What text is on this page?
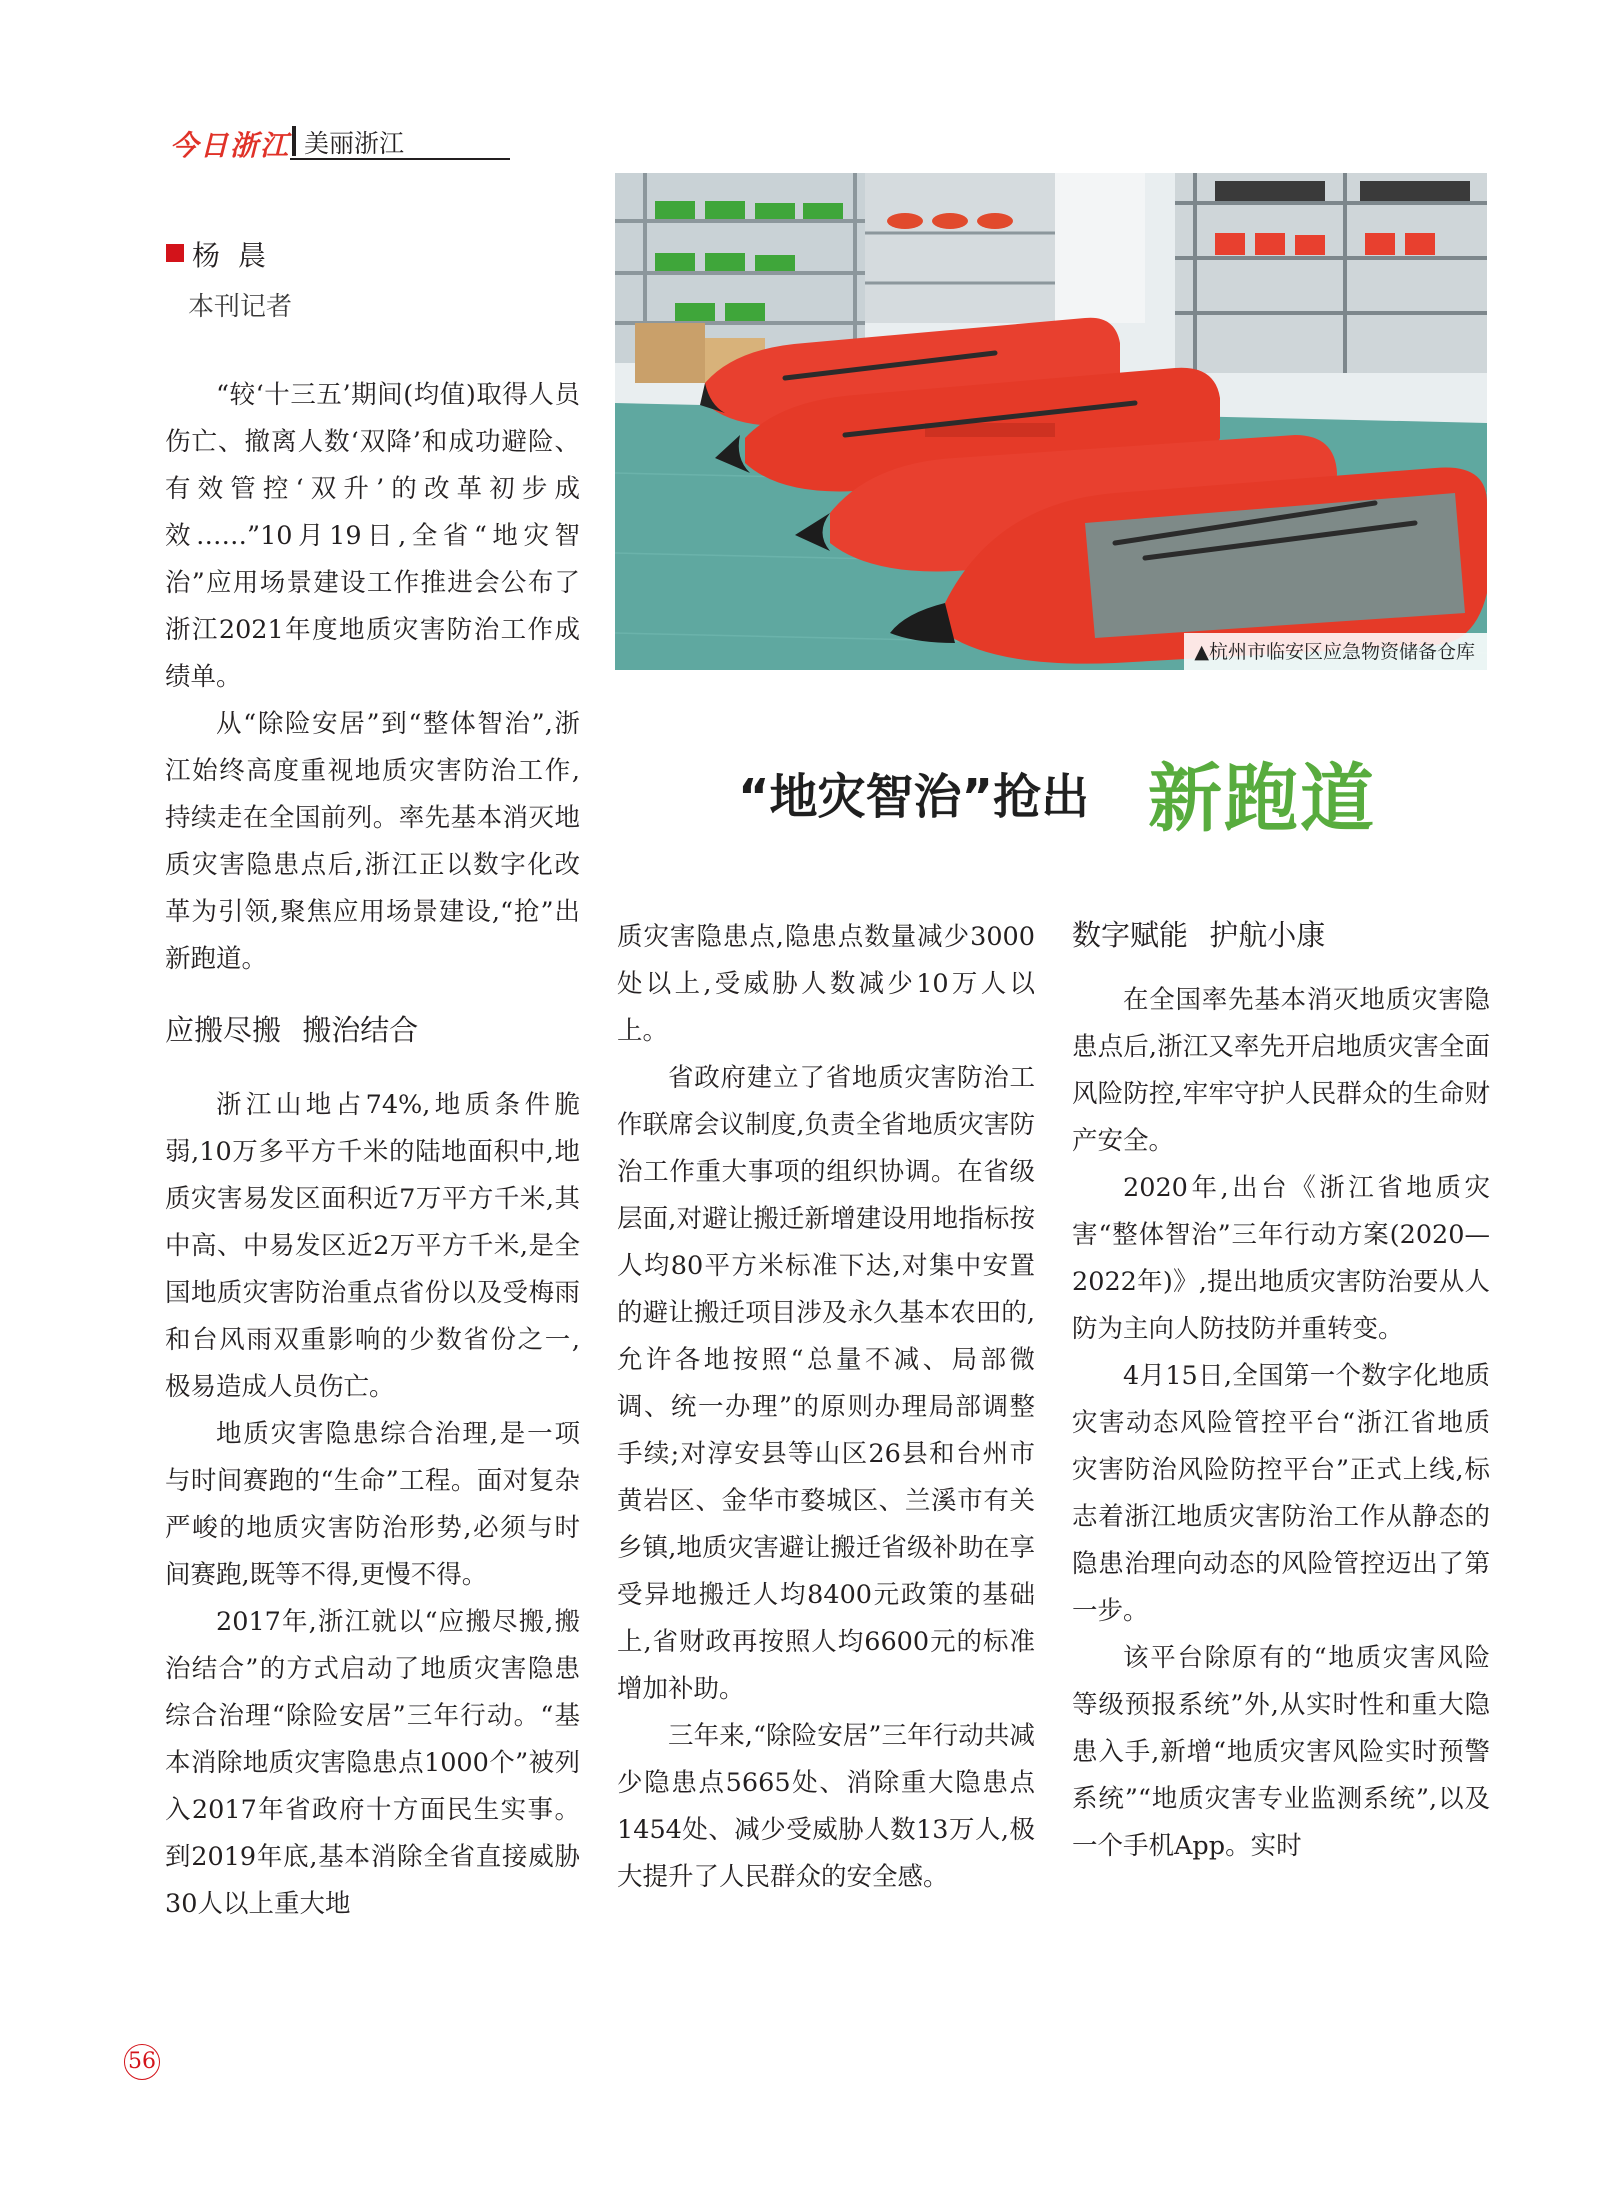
今日浙江 美丽浙江
杨晨
本刊记者
▲杭州市临安区应急物资储备仓库
“地灾智治”抢出 新跑道

“较‘十三五’期间(均值)取得人员伤亡、撤离人数‘双降’和成功避险、有效管控‘双升’的改革初步成效……”10月19日,全省“地灾智治”应用场景建设工作推进会公布了浙江2021年度地质灾害防治工作成绩单。

从“除险安居”到“整体智治”,浙江始终高度重视地质灾害防治工作,持续走在全国前列。率先基本消灭地质灾害隐患点后,浙江正以数字化改革为引领,聚焦应用场景建设,“抢”出新跑道。

应搬尽搬 搬治结合

浙江山地占74%,地质条件脆弱,10万多平方千米的陆地面积中,地质灾害易发区面积近7万平方千米,其中高、中易发区近2万平方千米,是全国地质灾害防治重点省份以及受梅雨和台风雨双重影响的少数省份之一,极易造成人员伤亡。

地质灾害隐患综合治理,是一项与时间赛跑的“生命”工程。面对复杂严峻的地质灾害防治形势,必须与时间赛跑,既等不得,更慢不得。

2017年,浙江就以“应搬尽搬,搬治结合”的方式启动了地质灾害隐患综合治理“除险安居”三年行动。“基本消除地质灾害隐患点1000个”被列入2017年省政府十方面民生实事。到2019年底,基本消除全省直接威胁30人以上重大地

质灾害隐患点,隐患点数量减少3000处以上,受威胁人数减少10万人以上。

省政府建立了省地质灾害防治工作联席会议制度,负责全省地质灾害防治工作重大事项的组织协调。在省级层面,对避让搬迁新增建设用地指标按人均80平方米标准下达,对集中安置的避让搬迁项目涉及永久基本农田的,允许各地按照“总量不减、局部微调、统一办理”的原则办理局部调整手续;对淳安县等山区26县和台州市黄岩区、金华市婺城区、兰溪市有关乡镇,地质灾害避让搬迁省级补助在享受异地搬迁人均8400元政策的基础上,省财政再按照人均6600元的标准增加补助。

三年来,“除险安居”三年行动共减少隐患点5665处、消除重大隐患点1454处、减少受威胁人数13万人,极大提升了人民群众的安全感。

数字赋能 护航小康

在全国率先基本消灭地质灾害隐患点后,浙江又率先开启地质灾害全面风险防控,牢牢守护人民群众的生命财产安全。

2020年,出台《浙江省地质灾害“整体智治”三年行动方案(2020—2022年)》,提出地质灾害防治要从人防为主向人防技防并重转变。

4月15日,全国第一个数字化地质灾害动态风险管控平台“浙江省地质灾害防治风险防控平台”正式上线,标志着浙江地质灾害防治工作从静态的隐患治理向动态的风险管控迈出了第一步。

该平台除原有的“地质灾害风险等级预报系统”外,从实时性和重大隐患入手,新增“地质灾害风险实时预警系统”“地质灾害专业监测系统”,以及一个手机App。实时

56
